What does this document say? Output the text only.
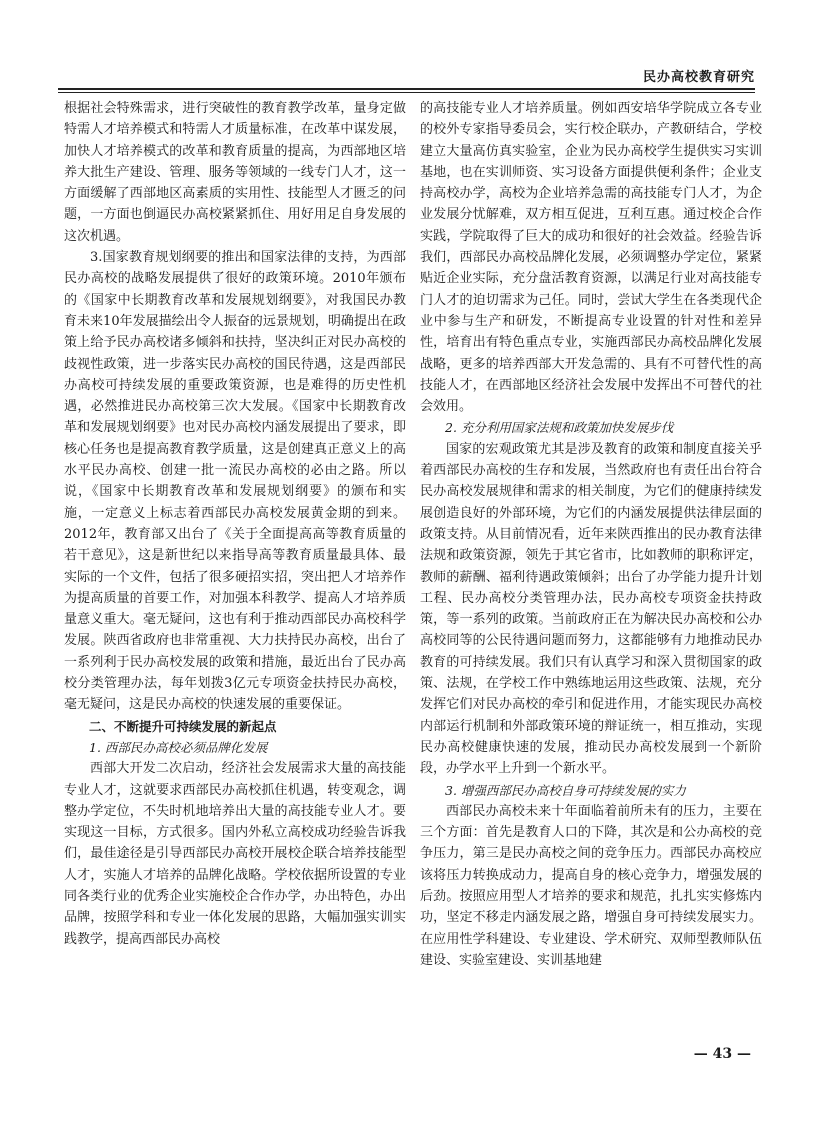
民办高校教育研究

根据社会特殊需求，进行突破性的教育教学改革，量身定做特需人才培养模式和特需人才质量标准，在改革中谋发展，加快人才培养模式的改革和教育质量的提高，为西部地区培养大批生产建设、管理、服务等领域的一线专门人才，这一方面缓解了西部地区高素质的实用性、技能型人才匮乏的问题，一方面也倒逼民办高校紧紧抓住、用好用足自身发展的这次机遇。

3.国家教育规划纲要的推出和国家法律的支持，为西部民办高校的战略发展提供了很好的政策环境。2010年颁布的《国家中长期教育改革和发展规划纲要》，对我国民办教育未来10年发展描绘出令人振奋的远景规划，明确提出在政策上给予民办高校诸多倾斜和扶持，坚决纠正对民办高校的歧视性政策，进一步落实民办高校的国民待遇，这是西部民办高校可持续发展的重要政策资源，也是难得的历史性机遇，必然推进民办高校第三次大发展。《国家中长期教育改革和发展规划纲要》也对民办高校内涵发展提出了要求，即核心任务也是提高教育教学质量，这是创建真正意义上的高水平民办高校、创建一批一流民办高校的必由之路。所以说，《国家中长期教育改革和发展规划纲要》的颁布和实施，一定意义上标志着西部民办高校发展黄金期的到来。2012年，教育部又出台了《关于全面提高高等教育质量的若干意见》，这是新世纪以来指导高等教育质量最具体、最实际的一个文件，包括了很多硬招实招，突出把人才培养作为提高质量的首要工作，对加强本科教学、提高人才培养质量意义重大。毫无疑问，这也有利于推动西部民办高校科学发展。陕西省政府也非常重视、大力扶持民办高校，出台了一系列利于民办高校发展的政策和措施，最近出台了民办高校分类管理办法，每年划拨3亿元专项资金扶持民办高校，毫无疑问，这是民办高校的快速发展的重要保证。

二、不断提升可持续发展的新起点

1. 西部民办高校必须品牌化发展

西部大开发二次启动，经济社会发展需求大量的高技能专业人才，这就要求西部民办高校抓住机遇，转变观念，调整办学定位，不失时机地培养出大量的高技能专业人才。要实现这一目标，方式很多。国内外私立高校成功经验告诉我们，最佳途径是引导西部民办高校开展校企联合培养技能型人才，实施人才培养的品牌化战略。学校依据所设置的专业同各类行业的优秀企业实施校企合作办学，办出特色，办出品牌，按照学科和专业一体化发展的思路，大幅加强实训实践教学，提高西部民办高校

的高技能专业人才培养质量。例如西安培华学院成立各专业的校外专家指导委员会，实行校企联办，产教研结合，学校建立大量高仿真实验室，企业为民办高校学生提供实习实训基地，也在实训师资、实习设备方面提供便利条件；企业支持高校办学，高校为企业培养急需的高技能专门人才，为企业发展分忧解难，双方相互促进，互利互惠。通过校企合作实践，学院取得了巨大的成功和很好的社会效益。经验告诉我们，西部民办高校品牌化发展，必须调整办学定位，紧紧贴近企业实际，充分盘活教育资源，以满足行业对高技能专门人才的迫切需求为己任。同时，尝试大学生在各类现代企业中参与生产和研发，不断提高专业设置的针对性和差异性，培育出有特色重点专业，实施西部民办高校品牌化发展战略，更多的培养西部大开发急需的、具有不可替代性的高技能人才，在西部地区经济社会发展中发挥出不可替代的社会效用。

2. 充分利用国家法规和政策加快发展步伐

国家的宏观政策尤其是涉及教育的政策和制度直接关乎着西部民办高校的生存和发展，当然政府也有责任出台符合民办高校发展规律和需求的相关制度，为它们的健康持续发展创造良好的外部环境，为它们的内涵发展提供法律层面的政策支持。从目前情况看，近年来陕西推出的民办教育法律法规和政策资源，领先于其它省市，比如教师的职称评定，教师的薪酬、福利待遇政策倾斜；出台了办学能力提升计划工程、民办高校分类管理办法，民办高校专项资金扶持政策，等一系列的政策。当前政府正在为解决民办高校和公办高校同等的公民待遇问题而努力，这都能够有力地推动民办教育的可持续发展。我们只有认真学习和深入贯彻国家的政策、法规，在学校工作中熟练地运用这些政策、法规，充分发挥它们对民办高校的牵引和促进作用，才能实现民办高校内部运行机制和外部政策环境的辩证统一，相互推动，实现民办高校健康快速的发展，推动民办高校发展到一个新阶段，办学水平上升到一个新水平。

3. 增强西部民办高校自身可持续发展的实力

西部民办高校未来十年面临着前所未有的压力，主要在三个方面：首先是教育人口的下降，其次是和公办高校的竞争压力，第三是民办高校之间的竞争压力。西部民办高校应该将压力转换成动力，提高自身的核心竞争力，增强发展的后劲。按照应用型人才培养的要求和规范，扎扎实实修炼内功，坚定不移走内涵发展之路，增强自身可持续发展实力。在应用性学科建设、专业建设、学术研究、双师型教师队伍建设、实验室建设、实训基地建

— 43 —
